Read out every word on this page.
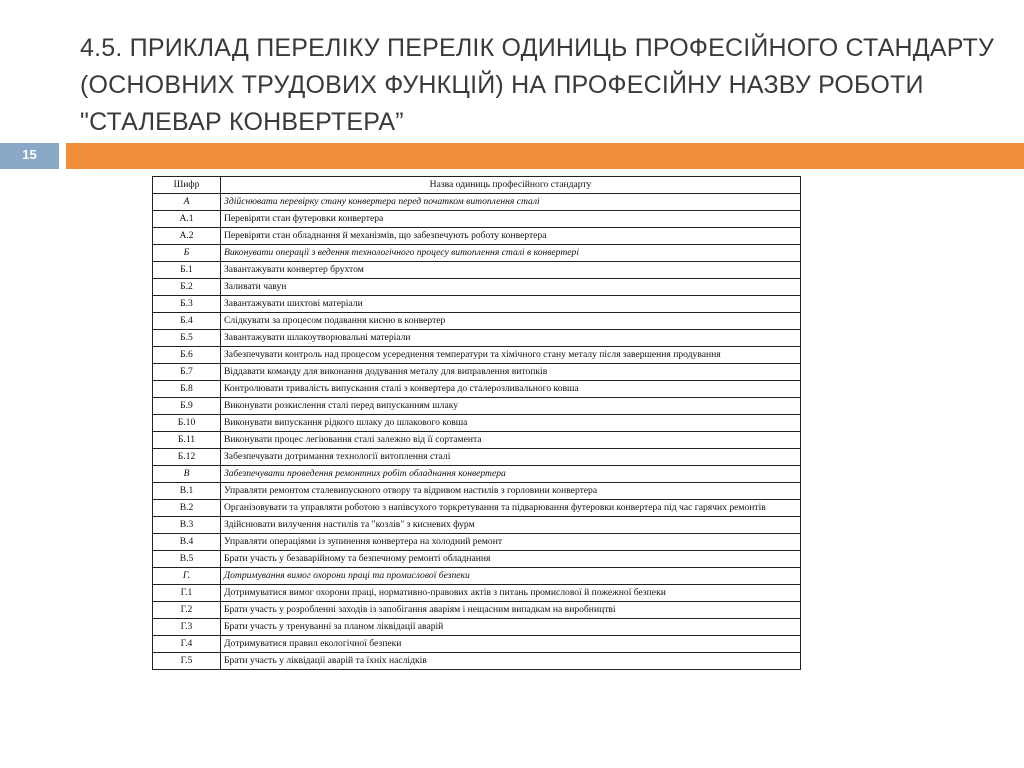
4.5. ПРИКЛАД ПЕРЕЛІКУ ПЕРЕЛІК ОДИНИЦЬ ПРОФЕСІЙНОГО СТАНДАРТУ
(ОСНОВНИХ ТРУДОВИХ ФУНКЦІЙ) НА ПРОФЕСІЙНУ НАЗВУ РОБОТИ
"СТАЛЕВАР КОНВЕРТЕРА”
15
Шифр	Назва одиниць професійного стандарту
А	Здійснювати перевірку стану конвертера перед початком витоплення сталі
А.1	Перевіряти стан футеровки конвертера
А.2	Перевіряти стан обладнання й механізмів, що забезпечують роботу конвертера
Б	Виконувати операції з ведення технологічного процесу витоплення сталі в конвертері
Б.1	Завантажувати конвертер брухтом
Б.2	Заливати чавун
Б.3	Завантажувати шихтові матеріали
Б.4	Слідкувати за процесом подавання кисню в конвертер
Б.5	Завантажувати шлакоутворювальні матеріали
Б.6	Забезпечувати контроль над процесом усереднення температури та хімічного стану металу після завершення продування
Б.7	Віддавати команду для виконання додування металу для виправлення витопків
Б.8	Контролювати тривалість випускання сталі з конвертера до сталерозливального ковша
Б.9	Виконувати розкислення сталі перед випусканням шлаку
Б.10	Виконувати випускання рідкого шлаку до шлакового ковша
Б.11	Виконувати процес легіювання сталі залежно від її сортамента
Б.12	Забезпечувати дотримання технології витоплення сталі
В	Забезпечувати проведення ремонтних робіт обладнання конвертера
В.1	Управляти ремонтом сталевипускного отвору та відривом настилів з горловини конвертера
В.2	Організовувати та управляти роботою з напівсухого торкретування та підварювання футеровки конвертера під час гарячих ремонтів
В.3	Здійснювати вилучення настилів та "козлів" з кисневих фурм
В.4	Управляти операціями із зупинення конвертера на холодний ремонт
В.5	Брати участь у безаварійному та безпечному ремонті обладнання
Г.	Дотримування вимог охорони праці та промислової безпеки
Г.1	Дотримуватися вимог охорони праці, нормативно-правових актів з питань промислової й пожежної безпеки
Г.2	Брати участь у розробленні заходів із запобігання аваріям і нещасним випадкам на виробництві
Г.3	Брати участь у тренуванні за планом ліквідації аварій
Г.4	Дотримуватися правил екологічної безпеки
Г.5	Брати участь у ліквідації аварій та їхніх наслідків
